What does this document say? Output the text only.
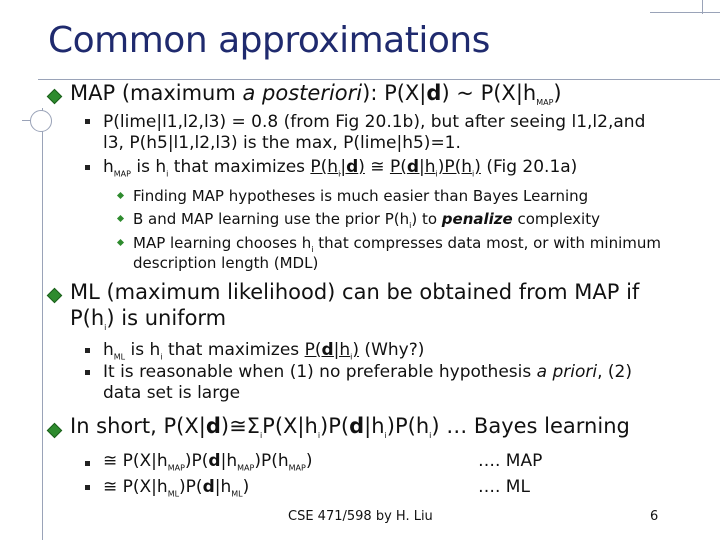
Common approximations
MAP (maximum a posteriori): P(X|d) ~ $P(X|h_{MAP})$
P(lime|l1,l2,l3) = 0.8 (from Fig 20.1b), but after seeing l1,l2,and
l3, P(h5|l1,l2,l3) is the max, P(lime|h5)=1.
$h_{MAP}$ is $h_i$ that maximizes $P(h_i|d)$ ≅ $P(d|h_i)P(h_i)$ (Fig 20.1a)
Finding MAP hypotheses is much easier than Bayes Learning
B and MAP learning use the prior $P(h_i)$ to penalize complexity
MAP learning chooses $h_i$ that compresses data most, or with minimum
description length (MDL)
ML (maximum likelihood) can be obtained from MAP if
$P(h_i)$ is uniform
$h_{ML}$ is $h_i$ that maximizes $P(d|h_i)$ (Why?)
It is reasonable when (1) no preferable hypothesis a priori, (2)
data set is large
In short, $P(X|d)≅\Sigma_iP(X|h_i)P(d|h_i)P(h_i)$ … Bayes learning
≅ $P(X|h_{MAP})P(d|h_{MAP})P(h_{MAP})$	…. MAP
≅ $P(X|h_{ML})P(d|h_{ML})$	…. ML
CSE 471/598 by H. Liu	6
